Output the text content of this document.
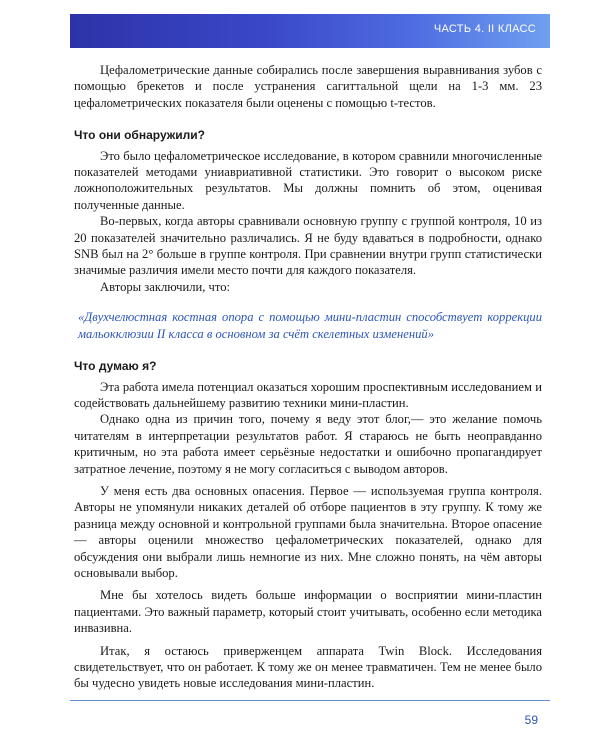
ЧАСТЬ 4. II КЛАСС

Цефалометрические данные собирались после завершения выравнивания зубов с помощью брекетов и после устранения сагиттальной щели на 1-3 мм. 23 цефалометрических показателя были оценены с помощью t-тестов.

Что они обнаружили?

Это было цефалометрическое исследование, в котором сравнили многочисленные показателей методами униавриативной статистики. Это говорит о высоком риске ложноположительных результатов. Мы должны помнить об этом, оценивая полученные данные.

Во-первых, когда авторы сравнивали основную группу с группой контроля, 10 из 20 показателей значительно различались. Я не буду вдаваться в подробности, однако SNB был на 2° больше в группе контроля. При сравнении внутри групп статистически значимые различия имели место почти для каждого показателя.

Авторы заключили, что:

«Двухчелюстная костная опора с помощью мини-пластин способствует коррекции мальокклюзии II класса в основном за счёт скелетных изменений»

Что думаю я?

Эта работа имела потенциал оказаться хорошим проспективным исследованием и содействовать дальнейшему развитию техники мини-пластин.

Однако одна из причин того, почему я веду этот блог,— это желание помочь читателям в интерпретации результатов работ. Я стараюсь не быть неоправданно критичным, но эта работа имеет серьёзные недостатки и ошибочно пропагандирует затратное лечение, поэтому я не могу согласиться с выводом авторов.

У меня есть два основных опасения. Первое — используемая группа контроля. Авторы не упомянули никаких деталей об отборе пациентов в эту группу. К тому же разница между основной и контрольной группами была значительна. Второе опасение — авторы оценили множество цефалометрических показателей, однако для обсуждения они выбрали лишь немногие из них. Мне сложно понять, на чём авторы основывали выбор.

Мне бы хотелось видеть больше информации о восприятии мини-пластин пациентами. Это важный параметр, который стоит учитывать, особенно если методика инвазивна.

Итак, я остаюсь приверженцем аппарата Twin Block. Исследования свидетельствует, что он работает. К тому же он менее травматичен. Тем не менее было бы чудесно увидеть новые исследования мини-пластин.

59
